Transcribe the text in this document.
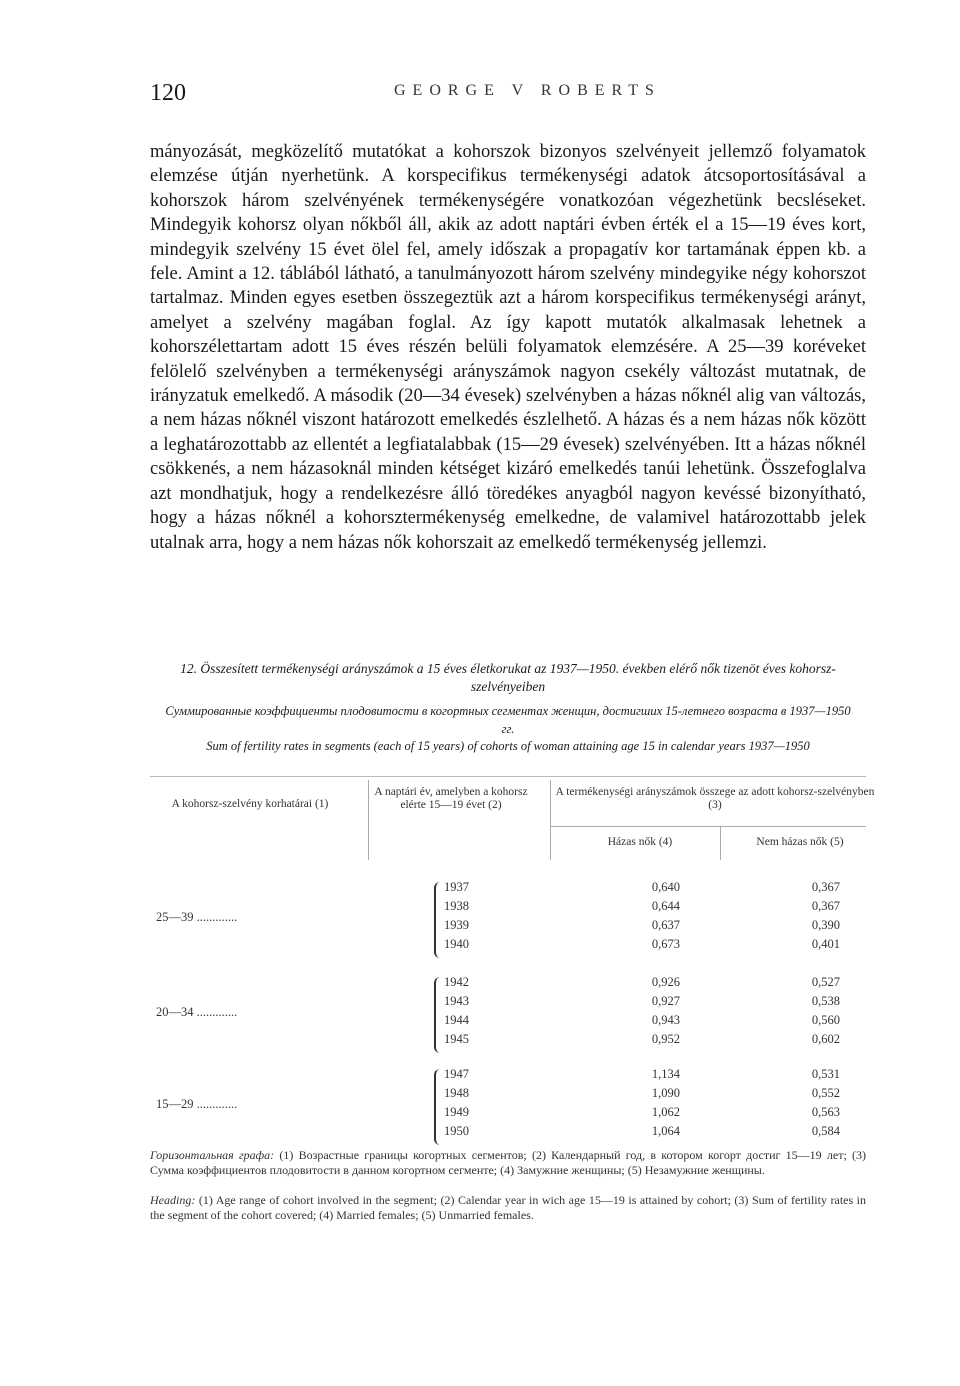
120	GEORGE V ROBERTS

mányozását, megközelítő mutatókat a kohorszok bizonyos szelvényeit jellemző folyamatok elemzése útján nyerhetünk. A korspecifikus termékenységi adatok átcsoportosításával a kohorszok három szelvényének termékenységére vonatkozóan végezhetünk becsléseket. Mindegyik kohorsz olyan nőkből áll, akik az adott naptári évben érték el a 15—19 éves kort, mindegyik szelvény 15 évet ölel fel, amely időszak a propagatív kor tartamának éppen kb. a fele. Amint a 12. táblából látható, a tanulmányozott három szelvény mindegyike négy kohorszot tartalmaz. Minden egyes esetben összegeztük azt a három korspecifikus termékenységi arányt, amelyet a szelvény magában foglal. Az így kapott mutatók alkalmasak lehetnek a kohorszélettartam adott 15 éves részén belüli folyamatok elemzésére. A 25—39 koréveket felölelő szelvényben a termékenységi arányszámok nagyon csekély változást mutatnak, de irányzatuk emelkedő. A második (20—34 évesek) szelvényben a házas nőknél alig van változás, a nem házas nőknél viszont határozott emelkedés észlelhető. A házas és a nem házas nők között a leghatározottabb az ellentét a legfiatalabbak (15—29 évesek) szelvényében. Itt a házas nőknél csökkenés, a nem házasoknál minden kétséget kizáró emelkedés tanúi lehetünk. Összefoglalva azt mondhatjuk, hogy a rendelkezésre álló töredékes anyagból nagyon kevéssé bizonyítható, hogy a házas nőknél a kohorsztermékenység emelkedne, de valamivel határozottabb jelek utalnak arra, hogy a nem házas nők kohorszait az emelkedő termékenység jellemzi.

12. Összesített termékenységi arányszámok a 15 éves életkorukat az 1937—1950. években elérő nők tizenöt éves kohorsz-szelvényeiben
Суммированные коэффициенты плодовитости в когортных сегментах женщин, достигших 15-летнего возраста в 1937—1950 гг.
Sum of fertility rates in segments (each of 15 years) of cohorts of woman attaining age 15 in calendar years 1937—1950
A kohorsz-szelvény korhatárai (1)
A naptári év, amelyben a kohorsz elérte 15—19 évet (2)
A termékenységi arányszámok összege az adott kohorsz-szelvényben (3)
Házas nők (4)	Nem házas nők (5)
25—39 .............
1937	0,640	0,367
1938	0,644	0,367
1939	0,637	0,390
1940	0,673	0,401
20—34 .............
1942	0,926	0,527
1943	0,927	0,538
1944	0,943	0,560
1945	0,952	0,602
15—29 .............
1947	1,134	0,531
1948	1,090	0,552
1949	1,062	0,563
1950	1,064	0,584
Горизонтальная графа: (1) Возрастные границы когортных сегментов; (2) Календарный год, в котором когорт достиг 15—19 лет; (3) Сумма коэффициентов плодовитости в данном когортном сегменте; (4) Замужние женщины; (5) Незамужние женщины.
Heading: (1) Age range of cohort involved in the segment; (2) Calendar year in wich age 15—19 is attained by cohort; (3) Sum of fertility rates in the segment of the cohort covered; (4) Married females; (5) Unmarried females.
